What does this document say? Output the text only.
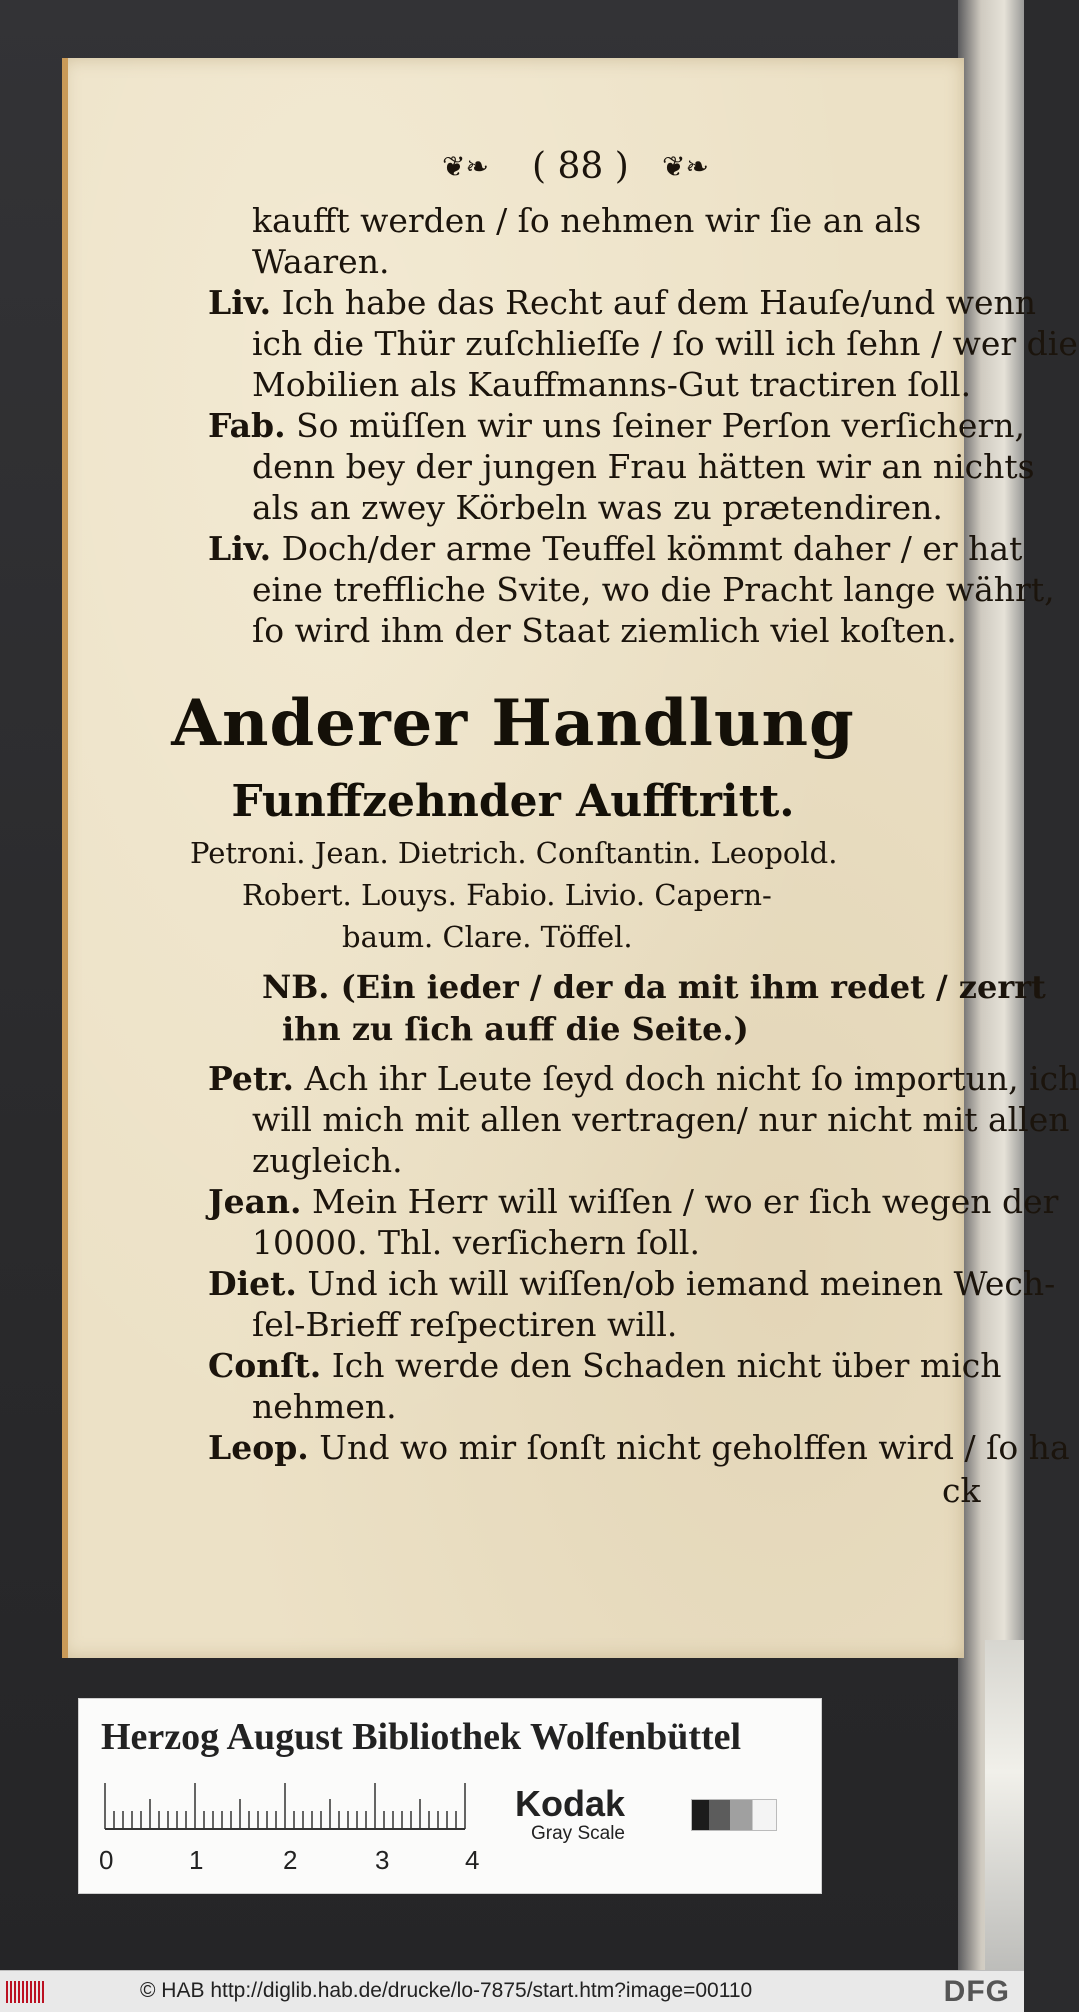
❦❧ ( 88 ) ❦❧
kaufft werden / ſo nehmen wir ſie an als
Waaren.
Liv. Ich habe das Recht auf dem Hauſe/und wenn
ich die Thür zuſchlieſſe / ſo will ich ſehn / wer die
Mobilien als Kauffmanns-Gut tractiren ſoll.
Fab. So müſſen wir uns ſeiner Perſon verſichern,
denn bey der jungen Frau hätten wir an nichts
als an zwey Körbeln was zu prætendiren.
Liv. Doch/der arme Teuffel kömmt daher / er hat
eine treffliche Svite, wo die Pracht lange währt,
ſo wird ihm der Staat ziemlich viel koſten.
Anderer Handlung
Funffzehnder Aufftritt.
Petroni. Jean. Dietrich. Conſtantin. Leopold.
Robert. Louys. Fabio. Livio. Capern-
baum. Clare. Töffel.
NB. (Ein ieder / der da mit ihm redet / zerrt
ihn zu ſich auff die Seite.)
Petr. Ach ihr Leute ſeyd doch nicht ſo importun, ich
will mich mit allen vertragen/ nur nicht mit allen
zugleich.
Jean. Mein Herr will wiſſen / wo er ſich wegen der
10000. Thl. verſichern ſoll.
Diet. Und ich will wiſſen/ob iemand meinen Wech-
ſel-Brieff reſpectiren will.
Conſt. Ich werde den Schaden nicht über mich
nehmen.
Leop. Und wo mir ſonſt nicht geholffen wird / ſo ha
ck
Herzog August Bibliothek Wolfenbüttel
0	1	2	3	4
Kodak
Gray Scale
© HAB http://diglib.hab.de/drucke/lo-7875/start.htm?image=00110	DFG
